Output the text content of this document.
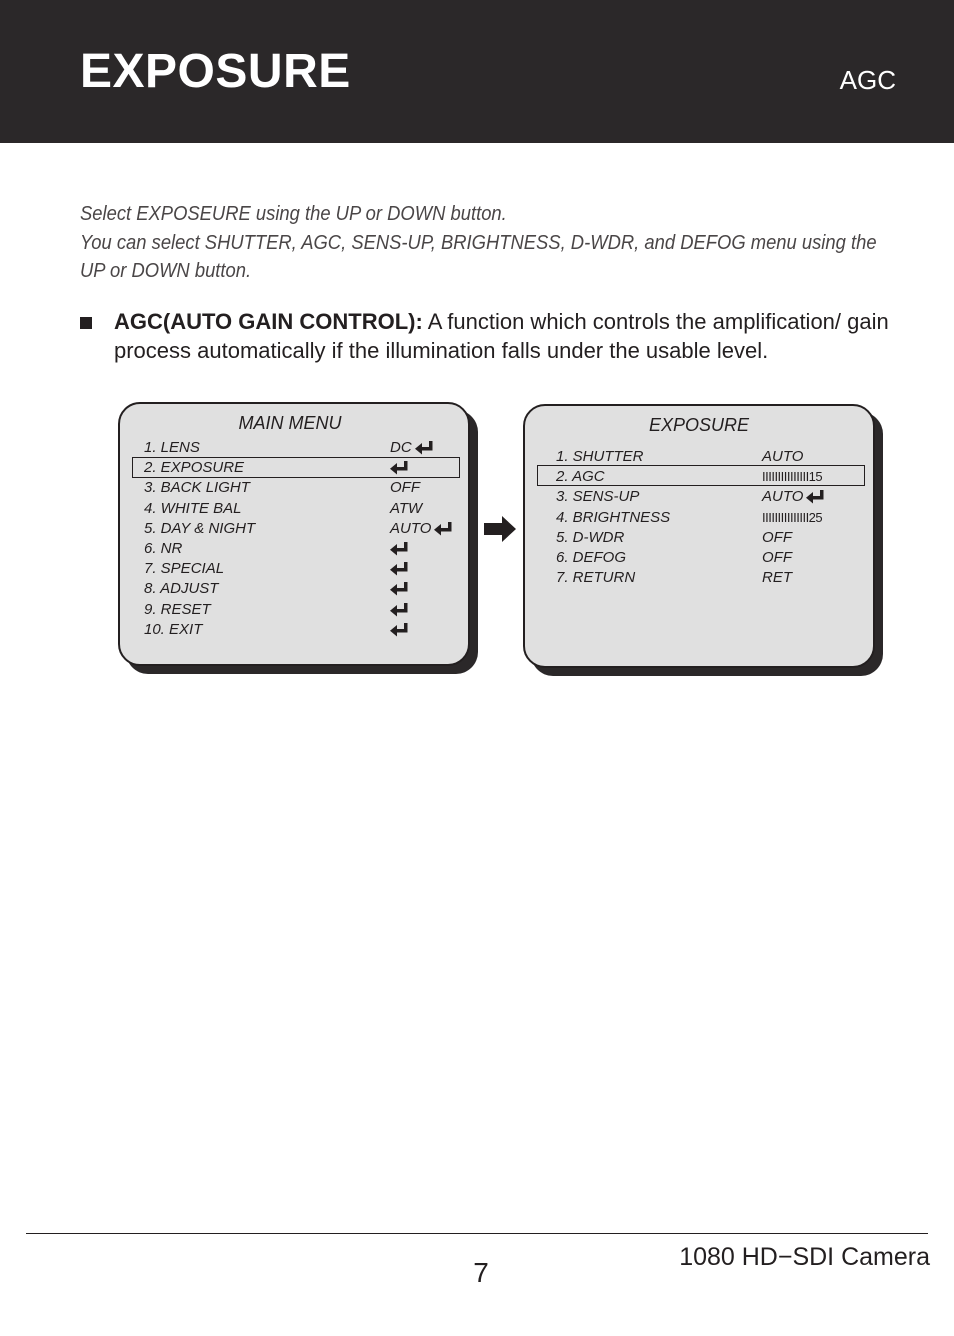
EXPOSURE	AGC

Select EXPOSEURE using the UP or DOWN button.

You can select SHUTTER, AGC, SENS-UP, BRIGHTNESS, D-WDR, and DEFOG menu using the UP or DOWN button.

AGC(AUTO GAIN CONTROL): A function which controls the amplification/ gain process automatically if the illumination falls under the usable level.
MAIN MENU
1. LENS	DC
2. EXPOSURE
3. BACK LIGHT	OFF
4. WHITE BAL	ATW
5. DAY & NIGHT	AUTO
6. NR
7. SPECIAL
8. ADJUST
9. RESET
10. EXIT
EXPOSURE
1. SHUTTER	AUTO
2. AGC	IIIIIIIIIIIIIII15
3. SENS-UP	AUTO
4. BRIGHTNESS	IIIIIIIIIIIIIII25
5. D-WDR	OFF
6. DEFOG	OFF
7. RETURN	RET
7	1080 HD−SDI Camera
